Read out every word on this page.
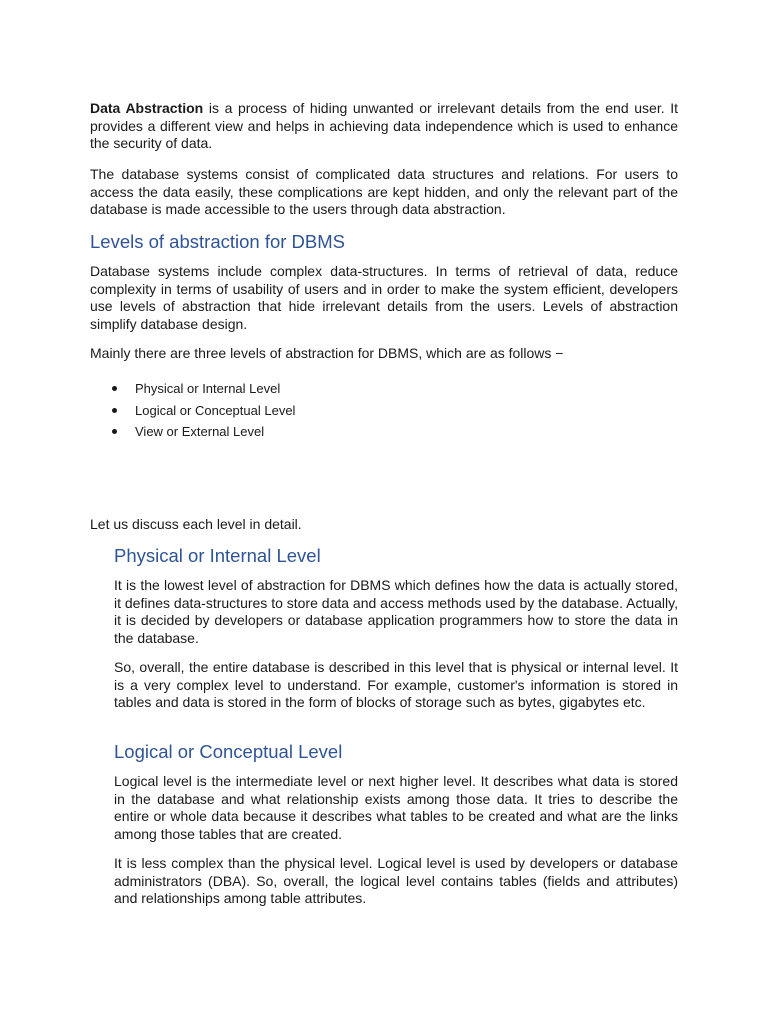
Data Abstraction is a process of hiding unwanted or irrelevant details from the end user. It provides a different view and helps in achieving data independence which is used to enhance the security of data.

The database systems consist of complicated data structures and relations. For users to access the data easily, these complications are kept hidden, and only the relevant part of the database is made accessible to the users through data abstraction.

Levels of abstraction for DBMS

Database systems include complex data-structures. In terms of retrieval of data, reduce complexity in terms of usability of users and in order to make the system efficient, developers use levels of abstraction that hide irrelevant details from the users. Levels of abstraction simplify database design.

Mainly there are three levels of abstraction for DBMS, which are as follows −

Physical or Internal Level
Logical or Conceptual Level
View or External Level

Let us discuss each level in detail.

Physical or Internal Level

It is the lowest level of abstraction for DBMS which defines how the data is actually stored, it defines data-structures to store data and access methods used by the database. Actually, it is decided by developers or database application programmers how to store the data in the database.

So, overall, the entire database is described in this level that is physical or internal level. It is a very complex level to understand. For example, customer's information is stored in tables and data is stored in the form of blocks of storage such as bytes, gigabytes etc.

Logical or Conceptual Level

Logical level is the intermediate level or next higher level. It describes what data is stored in the database and what relationship exists among those data. It tries to describe the entire or whole data because it describes what tables to be created and what are the links among those tables that are created.

It is less complex than the physical level. Logical level is used by developers or database administrators (DBA). So, overall, the logical level contains tables (fields and attributes) and relationships among table attributes.
